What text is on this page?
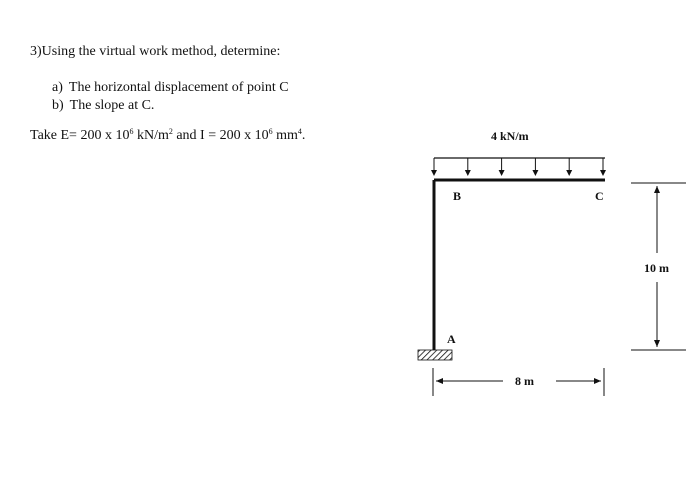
3)Using the virtual work method, determine:
a) The horizontal displacement of point C
b) The slope at C.
Take E= 200 x $10^6$ $kN/m^2$ and I = 200 x $10^6$ $mm^4$.	4 kN/m
B	C
A
10 m
8 m
